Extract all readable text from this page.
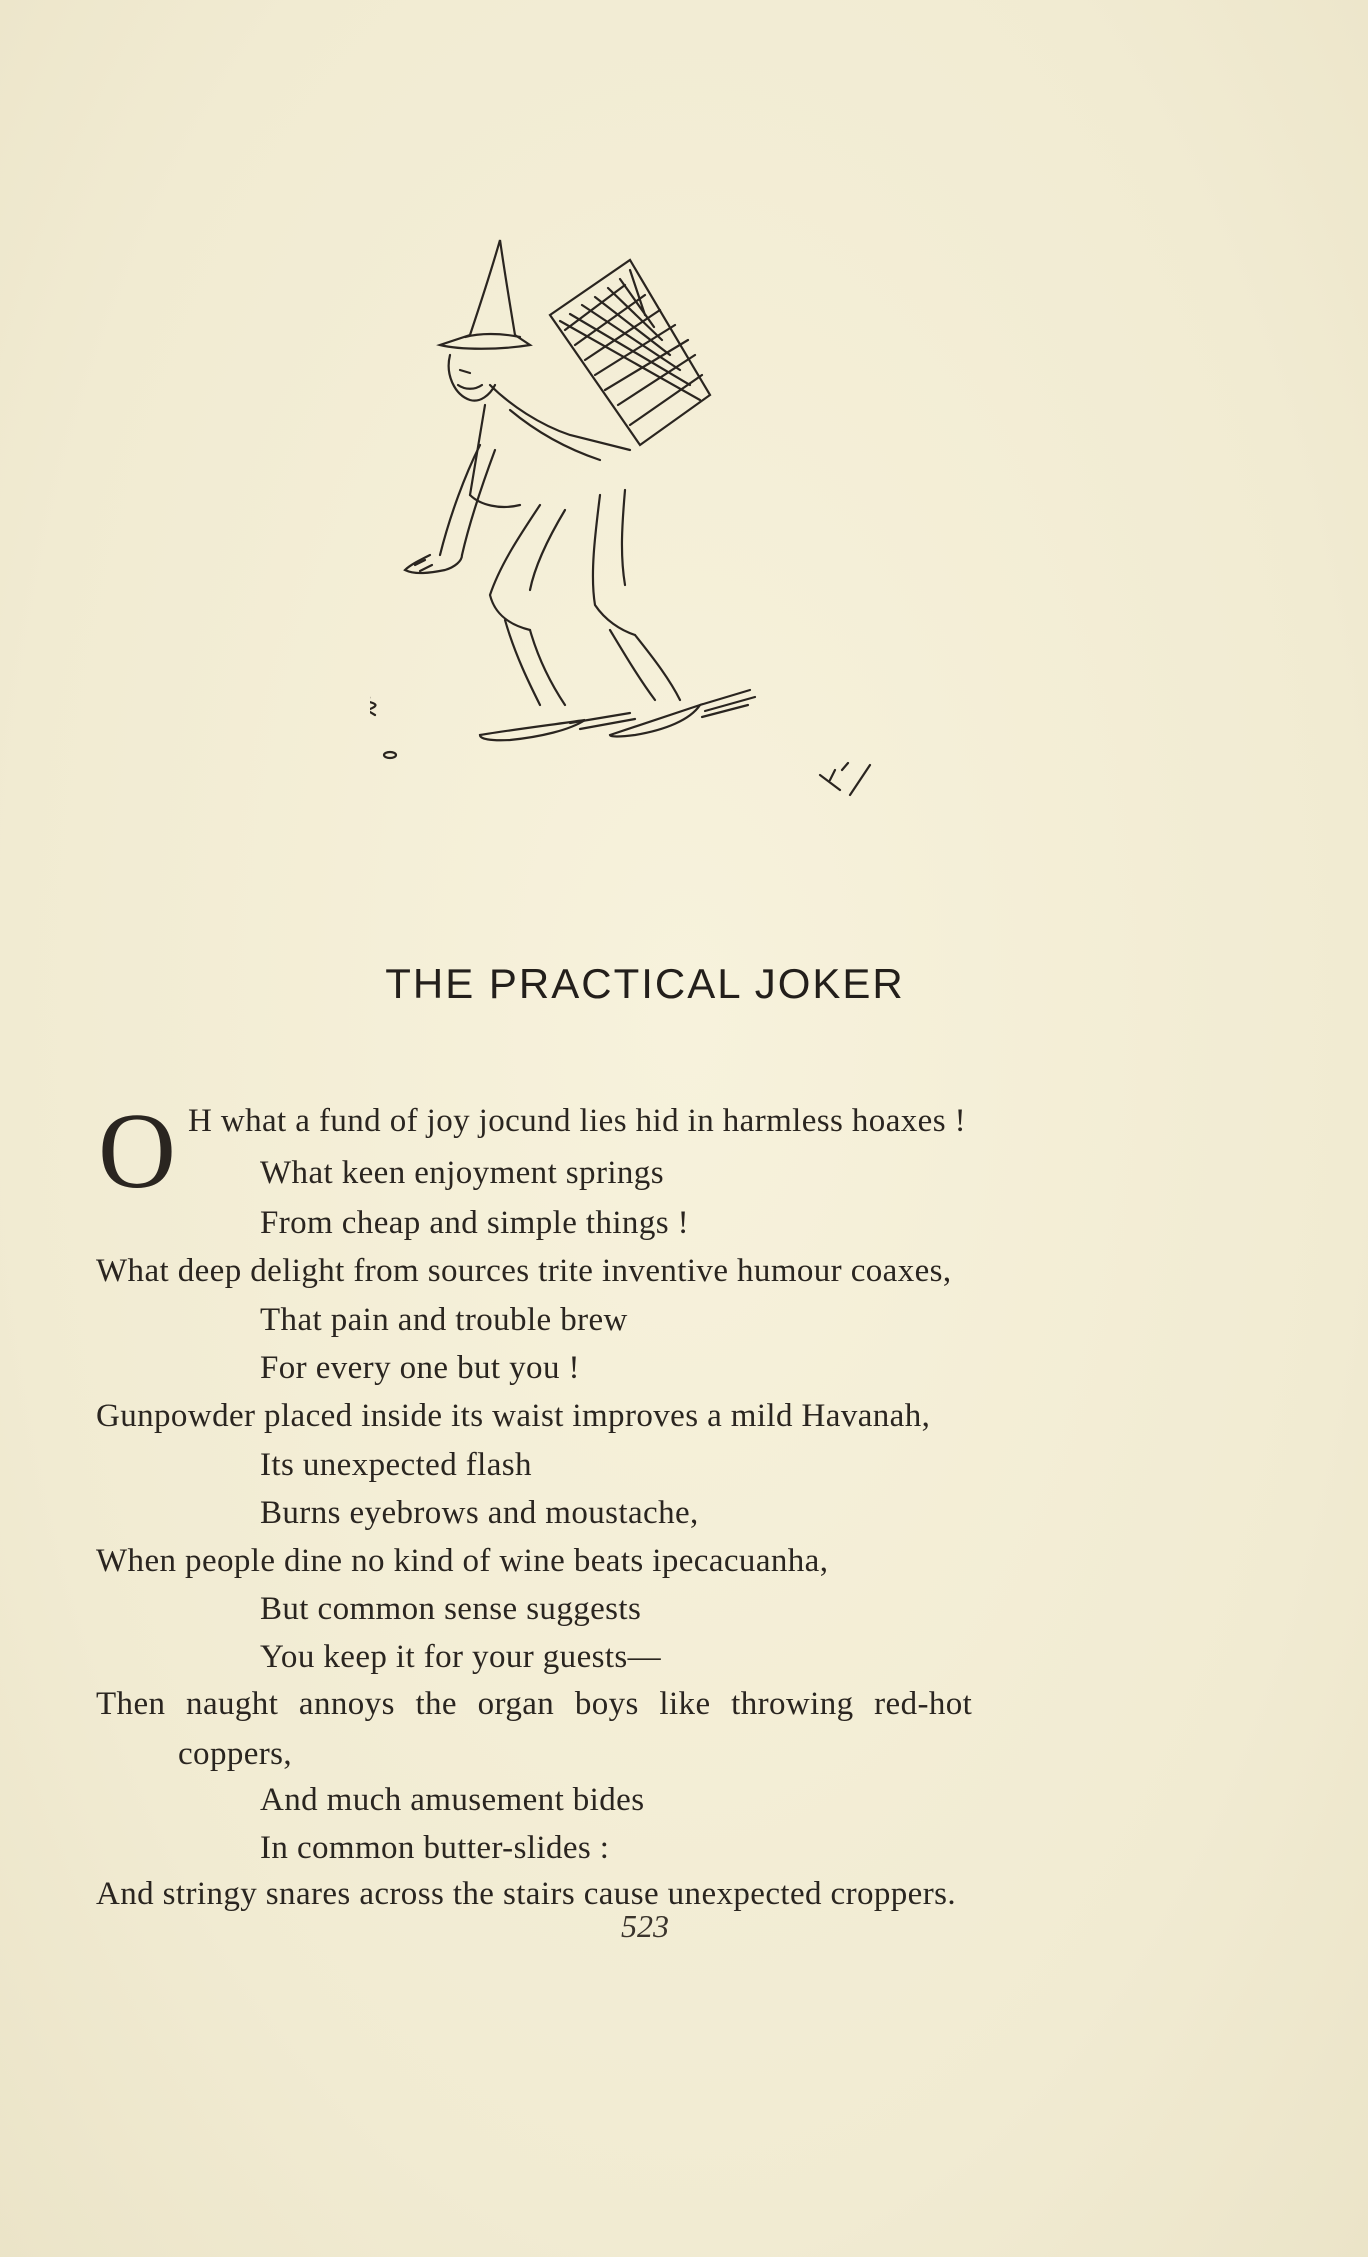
THE PRACTICAL JOKER
O H what a fund of joy jocund lies hid in harmless hoaxes !
What keen enjoyment springs
From cheap and simple things !
What deep delight from sources trite inventive humour coaxes,
That pain and trouble brew
For every one but you !
Gunpowder placed inside its waist improves a mild Havanah,
Its unexpected flash
Burns eyebrows and moustache,
When people dine no kind of wine beats ipecacuanha,
But common sense suggests
You keep it for your guests—
Then naught annoys the organ boys like throwing red-hot
coppers,
And much amusement bides
In common butter-slides :
And stringy snares across the stairs cause unexpected croppers.
523
